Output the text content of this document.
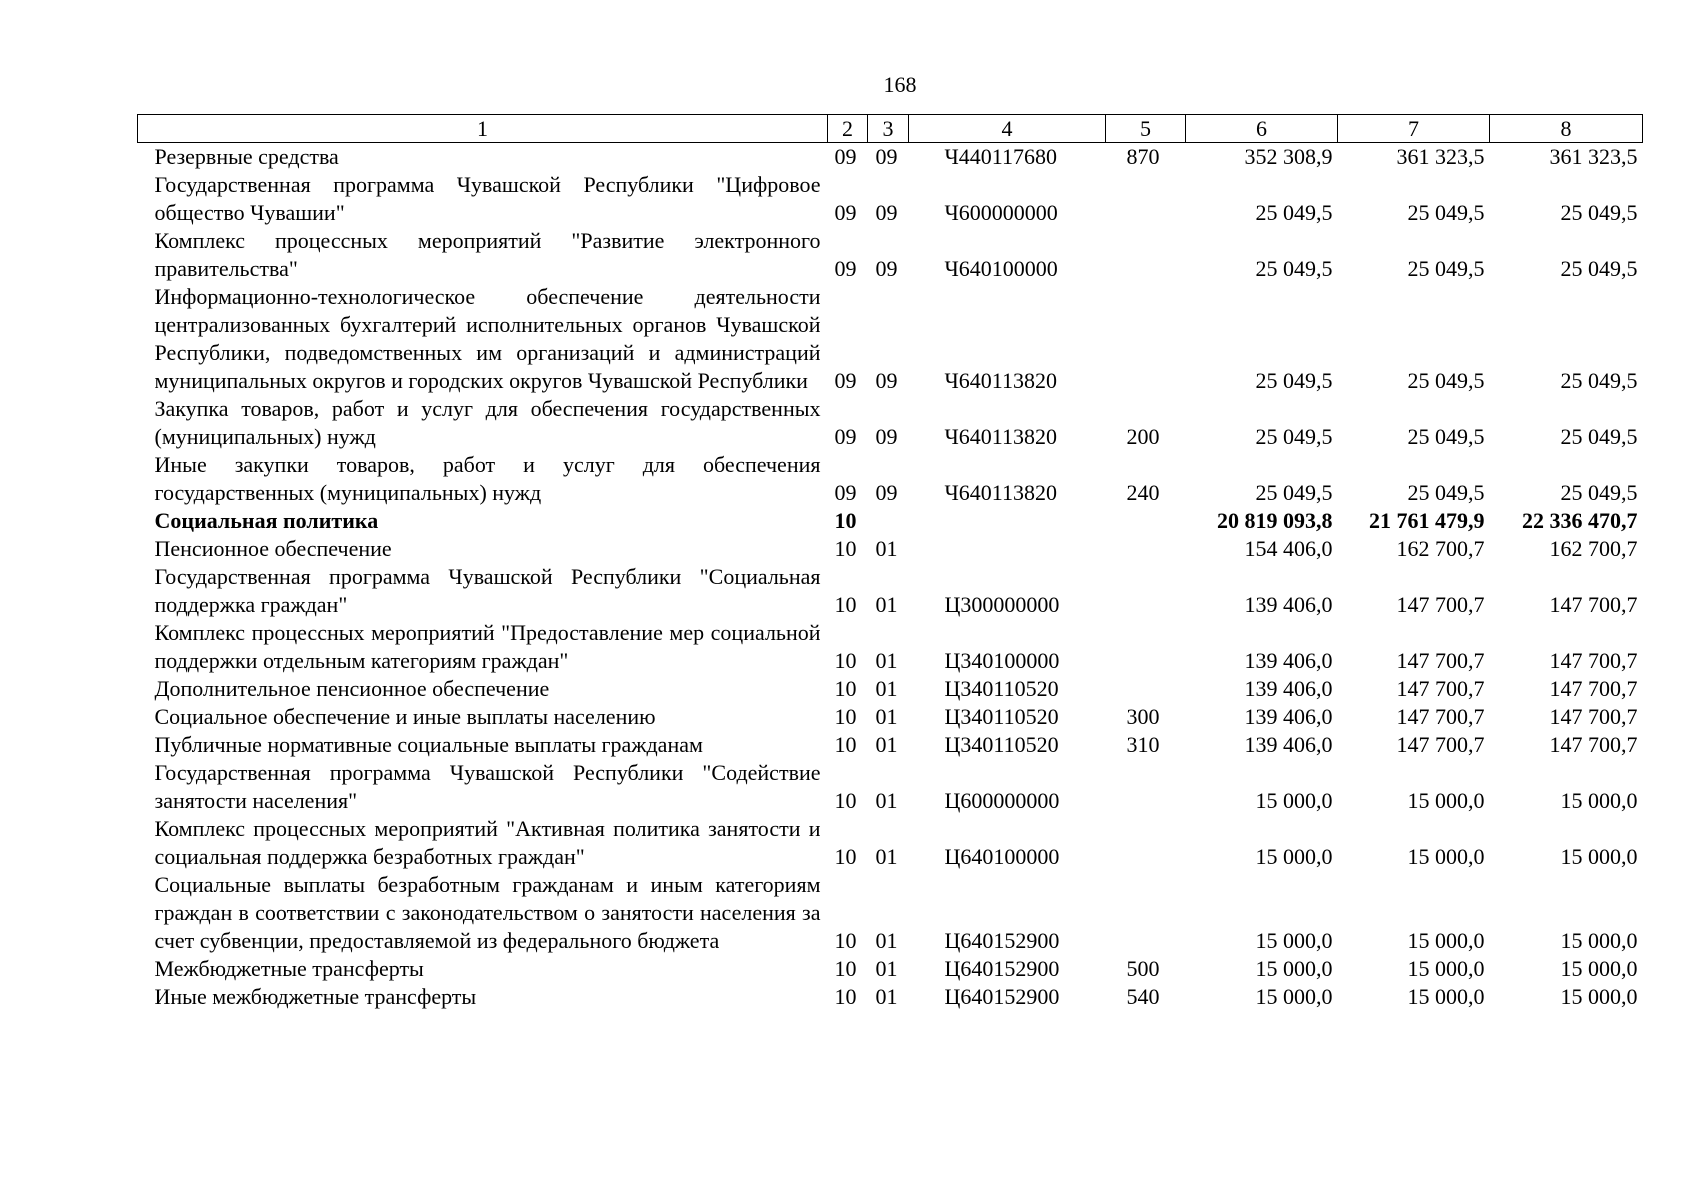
168
1	2	3	4	5	6	7	8
Резервные средства	09	09	Ч440117680	870	352 308,9	361 323,5	361 323,5
Государственная программа Чувашской Республики "Цифровое общество Чувашии"	09	09	Ч600000000		25 049,5	25 049,5	25 049,5
Комплекс процессных мероприятий "Развитие электронного правительства"	09	09	Ч640100000		25 049,5	25 049,5	25 049,5
Информационно-технологическое обеспечение деятельности централизованных бухгалтерий исполнительных органов Чувашской Республики, подведомственных им организаций и администраций муниципальных округов и городских округов Чувашской Республики	09	09	Ч640113820		25 049,5	25 049,5	25 049,5
Закупка товаров, работ и услуг для обеспечения государственных (муниципальных) нужд	09	09	Ч640113820	200	25 049,5	25 049,5	25 049,5
Иные закупки товаров, работ и услуг для обеспечения государственных (муниципальных) нужд	09	09	Ч640113820	240	25 049,5	25 049,5	25 049,5
Социальная политика	10				20 819 093,8	21 761 479,9	22 336 470,7
Пенсионное обеспечение	10	01			154 406,0	162 700,7	162 700,7
Государственная программа Чувашской Республики "Социальная поддержка граждан"	10	01	Ц300000000		139 406,0	147 700,7	147 700,7
Комплекс процессных мероприятий "Предоставление мер социальной поддержки отдельным категориям граждан"	10	01	Ц340100000		139 406,0	147 700,7	147 700,7
Дополнительное пенсионное обеспечение	10	01	Ц340110520		139 406,0	147 700,7	147 700,7
Социальное обеспечение и иные выплаты населению	10	01	Ц340110520	300	139 406,0	147 700,7	147 700,7
Публичные нормативные социальные выплаты гражданам	10	01	Ц340110520	310	139 406,0	147 700,7	147 700,7
Государственная программа Чувашской Республики "Содействие занятости населения"	10	01	Ц600000000		15 000,0	15 000,0	15 000,0
Комплекс процессных мероприятий "Активная политика занятости и социальная поддержка безработных граждан"	10	01	Ц640100000		15 000,0	15 000,0	15 000,0
Социальные выплаты безработным гражданам и иным категориям граждан в соответствии с законодательством о занятости населения за счет субвенции, предоставляемой из федерального бюджета	10	01	Ц640152900		15 000,0	15 000,0	15 000,0
Межбюджетные трансферты	10	01	Ц640152900	500	15 000,0	15 000,0	15 000,0
Иные межбюджетные трансферты	10	01	Ц640152900	540	15 000,0	15 000,0	15 000,0
